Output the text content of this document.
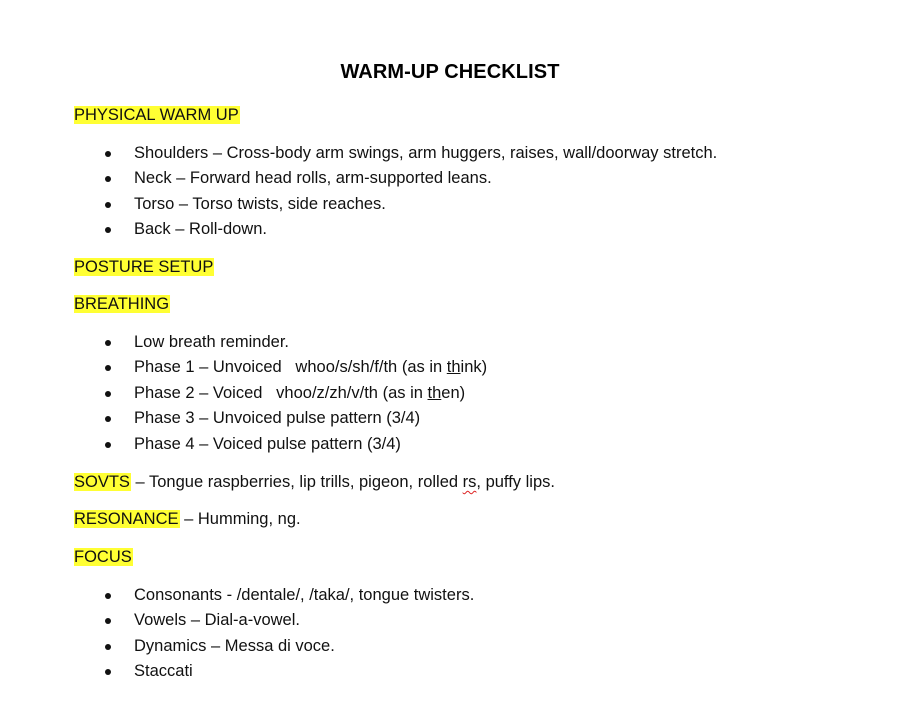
WARM-UP CHECKLIST
PHYSICAL WARM UP
Shoulders – Cross-body arm swings, arm huggers, raises, wall/doorway stretch.
Neck – Forward head rolls, arm-supported leans.
Torso – Torso twists, side reaches.
Back – Roll-down.
POSTURE SETUP
BREATHING
Low breath reminder.
Phase 1 – Unvoiced   whoo/s/sh/f/th (as in think)
Phase 2 – Voiced   vhoo/z/zh/v/th (as in then)
Phase 3 – Unvoiced pulse pattern (3/4)
Phase 4 – Voiced pulse pattern (3/4)
SOVTS – Tongue raspberries, lip trills, pigeon, rolled rs, puffy lips.
RESONANCE – Humming, ng.
FOCUS
Consonants - /dentale/, /taka/, tongue twisters.
Vowels – Dial-a-vowel.
Dynamics – Messa di voce.
Staccati
